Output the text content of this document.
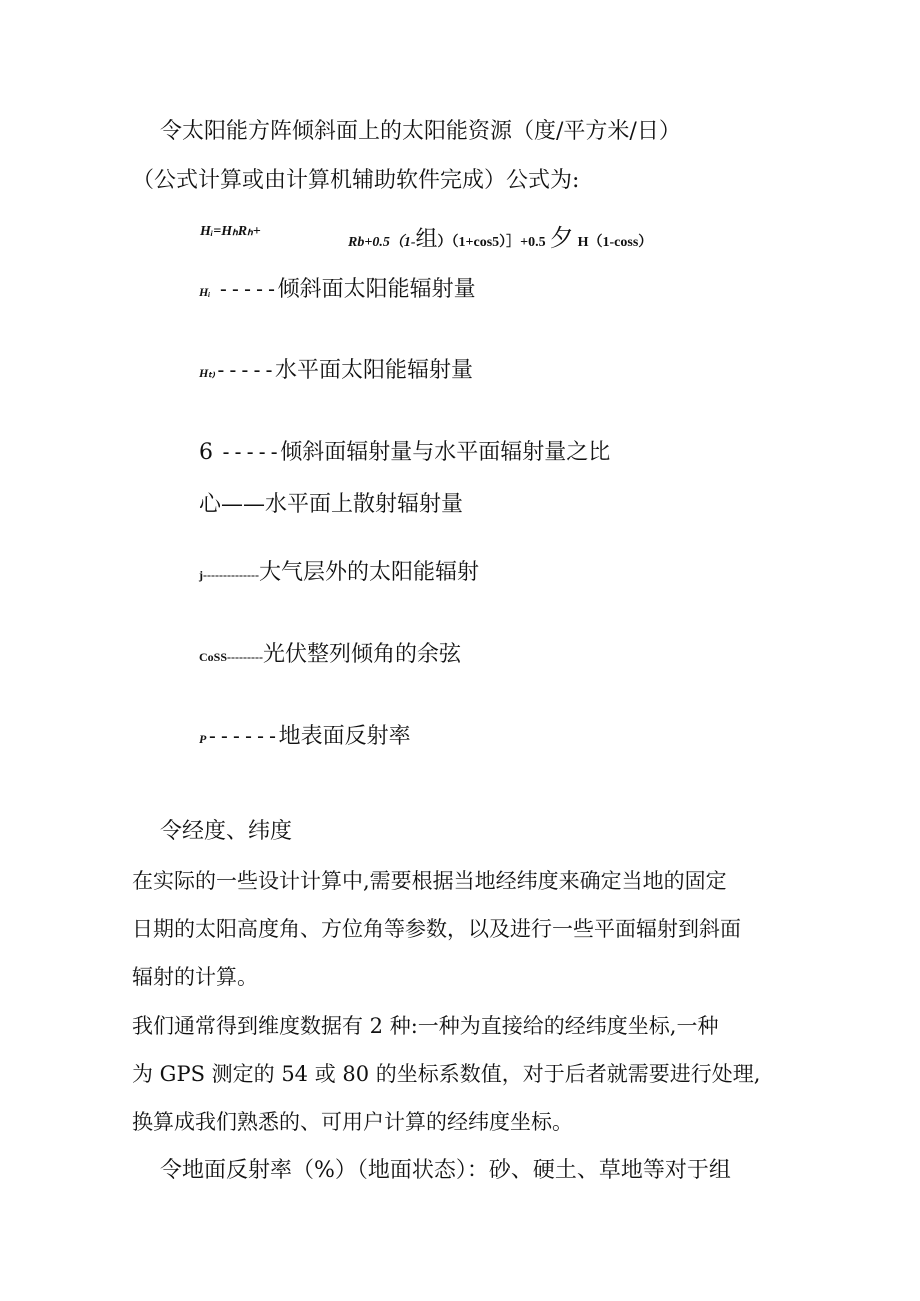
令太阳能方阵倾斜面上的太阳能资源（度/平方米/日）
（公式计算或由计算机辅助软件完成）公式为:
Hᵢ=HₕRₕ+
Rb+0.5（1-组）（1+cos5）］+0.5 夕 H（1-coss）
Hᵢ -----倾斜面太阳能辐射量
Hₜ₎-----水平面太阳能辐射量
6 -----倾斜面辐射量与水平面辐射量之比
心——水平面上散射辐射量
j--------------大气层外的太阳能辐射
CoSS---------光伏整列倾角的余弦
P------地表面反射率
令经度、纬度
在实际的一些设计计算中,需要根据当地经纬度来确定当地的固定
日期的太阳高度角、方位角等参数，以及进行一些平面辐射到斜面
辐射的计算。
我们通常得到维度数据有 2 种:一种为直接给的经纬度坐标,一种
为 GPS 测定的 54 或 80 的坐标系数值，对于后者就需要进行处理,
换算成我们熟悉的、可用户计算的经纬度坐标。
令地面反射率（%）（地面状态）：砂、硬土、草地等对于组
